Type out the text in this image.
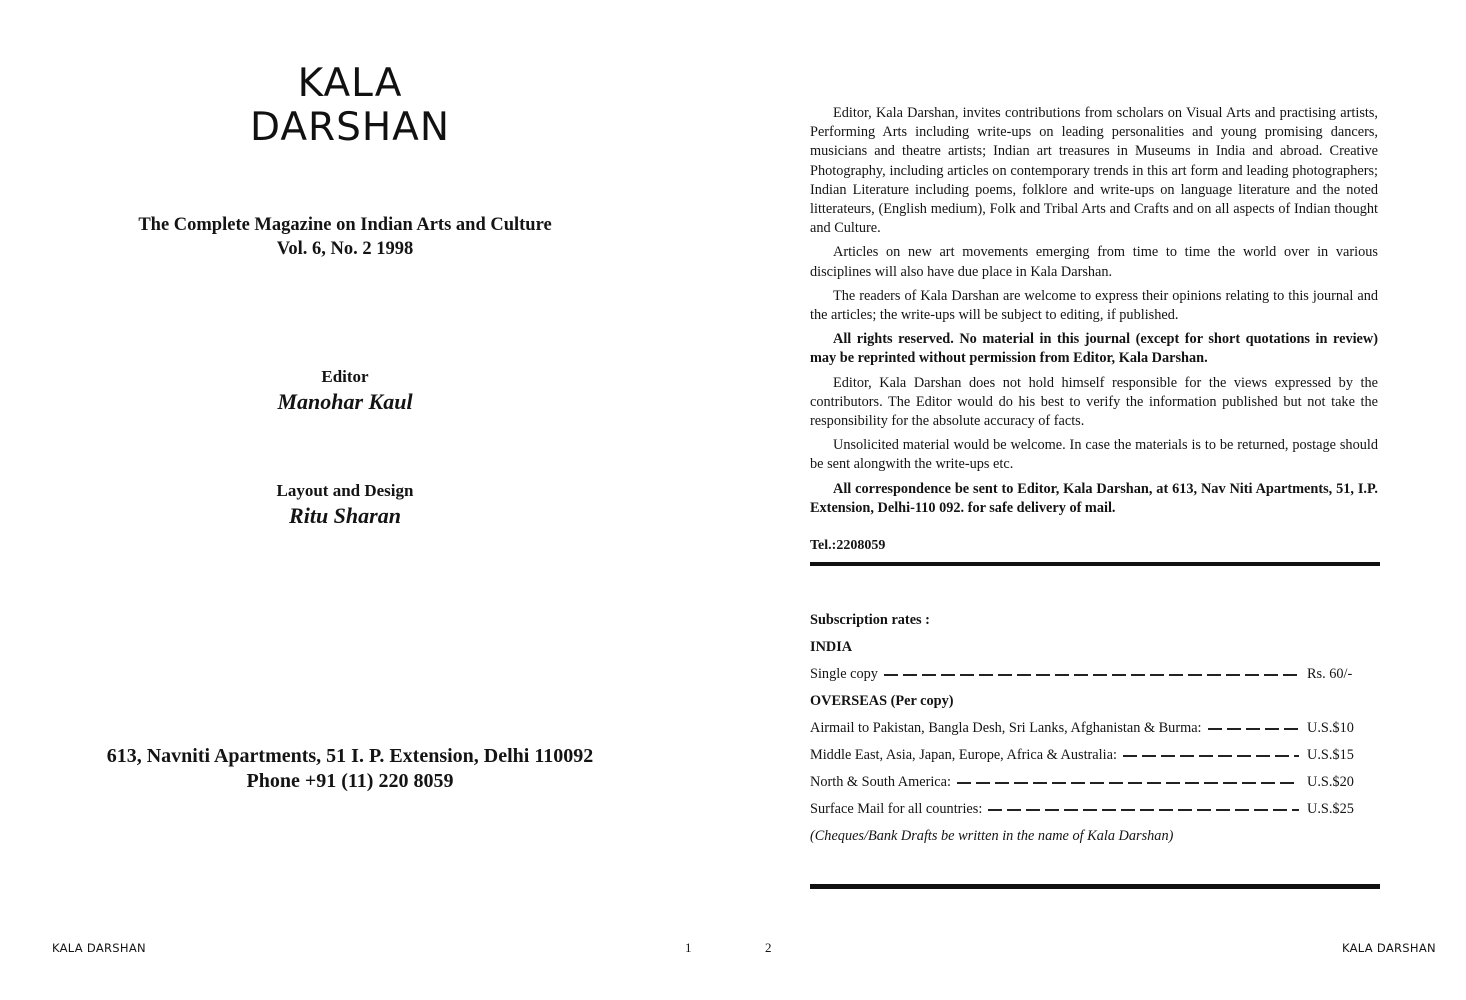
KALA
DARSHAN
The Complete Magazine on Indian Arts and Culture
Vol. 6, No. 2 1998
Editor
Manohar Kaul
Layout and Design
Ritu Sharan
613, Navniti Apartments, 51 I. P. Extension, Delhi 110092
Phone +91 (11) 220 8059
KALA DARSHAN	1

Editor, Kala Darshan, invites contributions from scholars on Visual Arts and practising artists, Performing Arts including write-ups on leading personalities and young promising dancers, musicians and theatre artists; Indian art treasures in Museums in India and abroad. Creative Photography, including articles on contemporary trends in this art form and leading photographers; Indian Literature including poems, folklore and write-ups on language literature and the noted litterateurs, (English medium), Folk and Tribal Arts and Crafts and on all aspects of Indian thought and Culture.

Articles on new art movements emerging from time to time the world over in various disciplines will also have due place in Kala Darshan.

The readers of Kala Darshan are welcome to express their opinions relating to this journal and the articles; the write-ups will be subject to editing, if published.

All rights reserved. No material in this journal (except for short quotations in review) may be reprinted without permission from Editor, Kala Darshan.

Editor, Kala Darshan does not hold himself responsible for the views expressed by the contributors. The Editor would do his best to verify the information published but not take the responsibility for the absolute accuracy of facts.

Unsolicited material would be welcome. In case the materials is to be returned, postage should be sent alongwith the write-ups etc.

All correspondence be sent to Editor, Kala Darshan, at 613, Nav Niti Apartments, 51, I.P. Extension, Delhi-110 092. for safe delivery of mail.

Tel.:2208059
Subscription rates :
INDIA
Single copy	Rs. 60/-
OVERSEAS (Per copy)
Airmail to Pakistan, Bangla Desh, Sri Lanks, Afghanistan & Burma:	U.S.$10
Middle East, Asia, Japan, Europe, Africa & Australia:	U.S.$15
North & South America:	U.S.$20
Surface Mail for all countries:	U.S.$25
(Cheques/Bank Drafts be written in the name of Kala Darshan)
2	KALA DARSHAN
